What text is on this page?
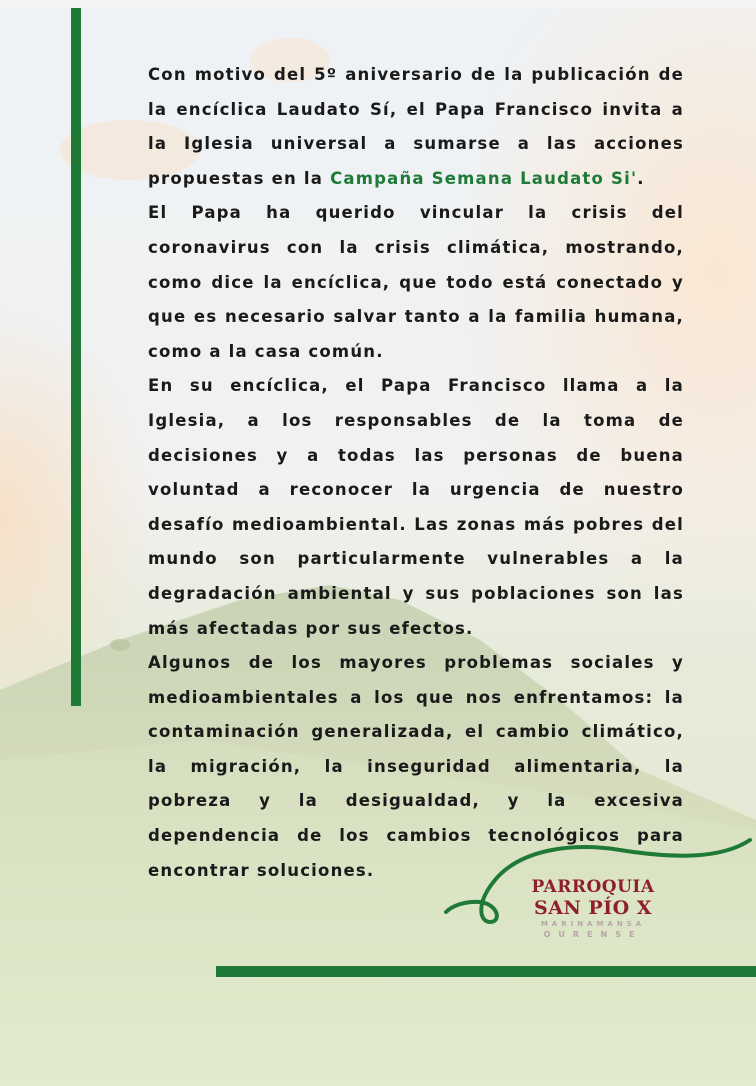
Con motivo del 5º aniversario de la publicación de la encíclica Laudato Sí, el Papa Francisco invita a la Iglesia universal a sumarse a las acciones propuestas en la Campaña Semana Laudato Si'.

El Papa ha querido vincular la crisis del coronavirus con la crisis climática, mostrando, como dice la encíclica, que todo está conectado y que es necesario salvar tanto a la familia humana, como a la casa común.

En su encíclica, el Papa Francisco llama a la Iglesia, a los responsables de la toma de decisiones y a todas las personas de buena voluntad a reconocer la urgencia de nuestro desafío medioambiental. Las zonas más pobres del mundo son particularmente vulnerables a la degradación ambiental y sus poblaciones son las más afectadas por sus efectos.

Algunos de los mayores problemas sociales y medioambientales a los que nos enfrentamos: la contaminación generalizada, el cambio climático, la migración, la inseguridad alimentaria, la pobreza y la desigualdad, y la excesiva dependencia de los cambios tecnológicos para encontrar soluciones.

PARROQUIA
SAN PÍO X
MARINAMANSA
OURENSE
